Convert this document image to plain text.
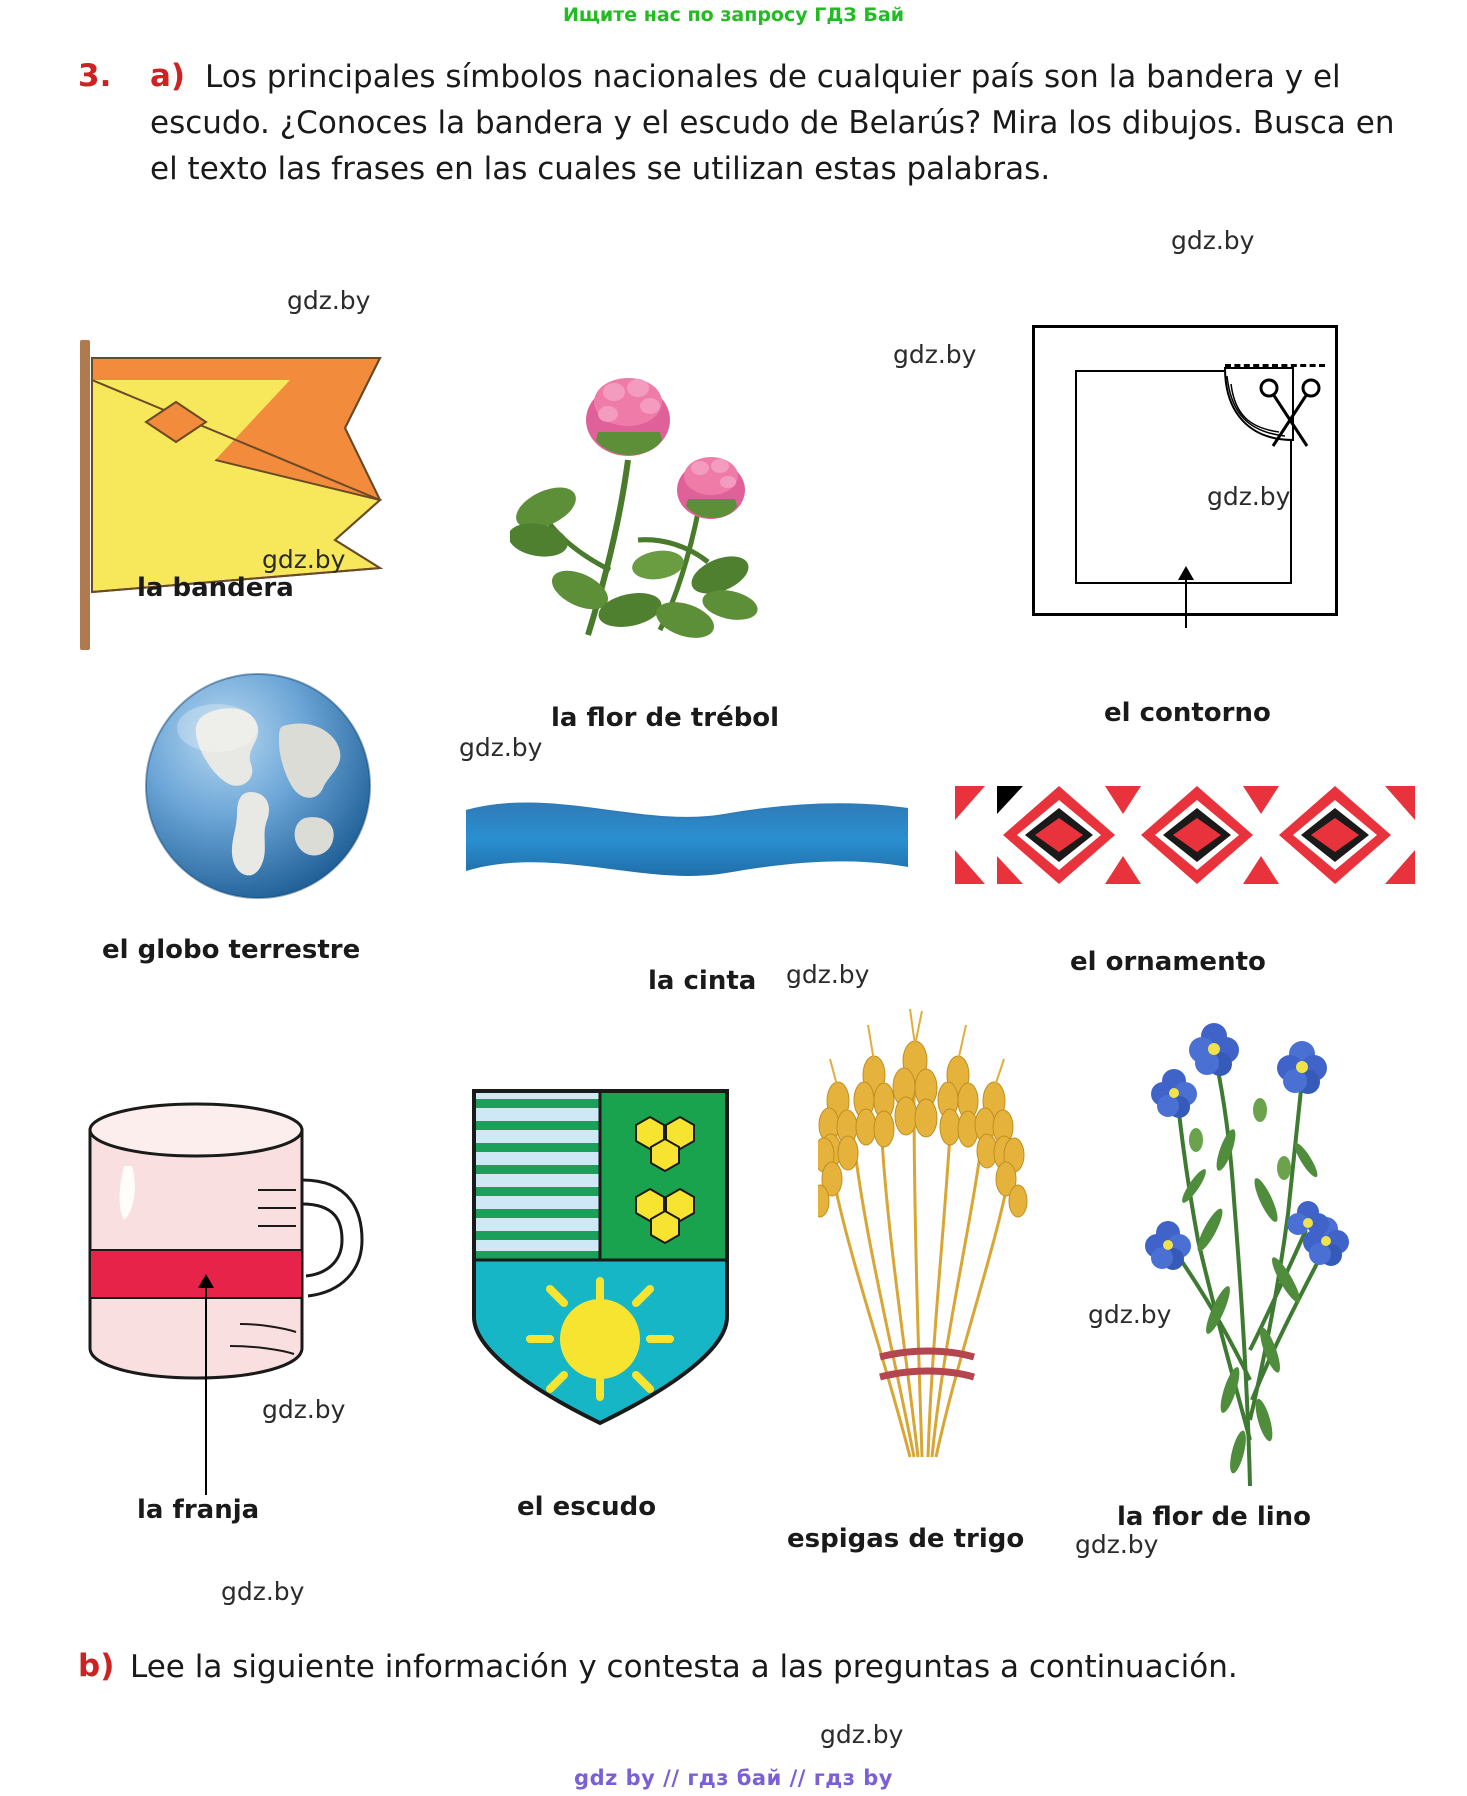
Ищите нас по запросу ГДЗ Бай
3. a) Los principales símbolos nacionales de cualquier país son la bandera y el escudo. ¿Conoces la bandera y el escudo de Belarús? Mira los dibujos. Busca en el texto las frases en las cuales se utilizan estas palabras.
la bandera
la flor de trébol	el contorno
el globo terrestre
la cinta
el ornamento
la franja	el escudo
espigas de trigo
la flor de lino
gdz.by
gdz.by
gdz.by
gdz.by
gdz.by
gdz.by
gdz.by
gdz.by
gdz.by
gdz.by
gdz.by
gdz.by
b) Lee la siguiente información y contesta a las preguntas a continuación.
gdz by // гдз бай // гдз by
